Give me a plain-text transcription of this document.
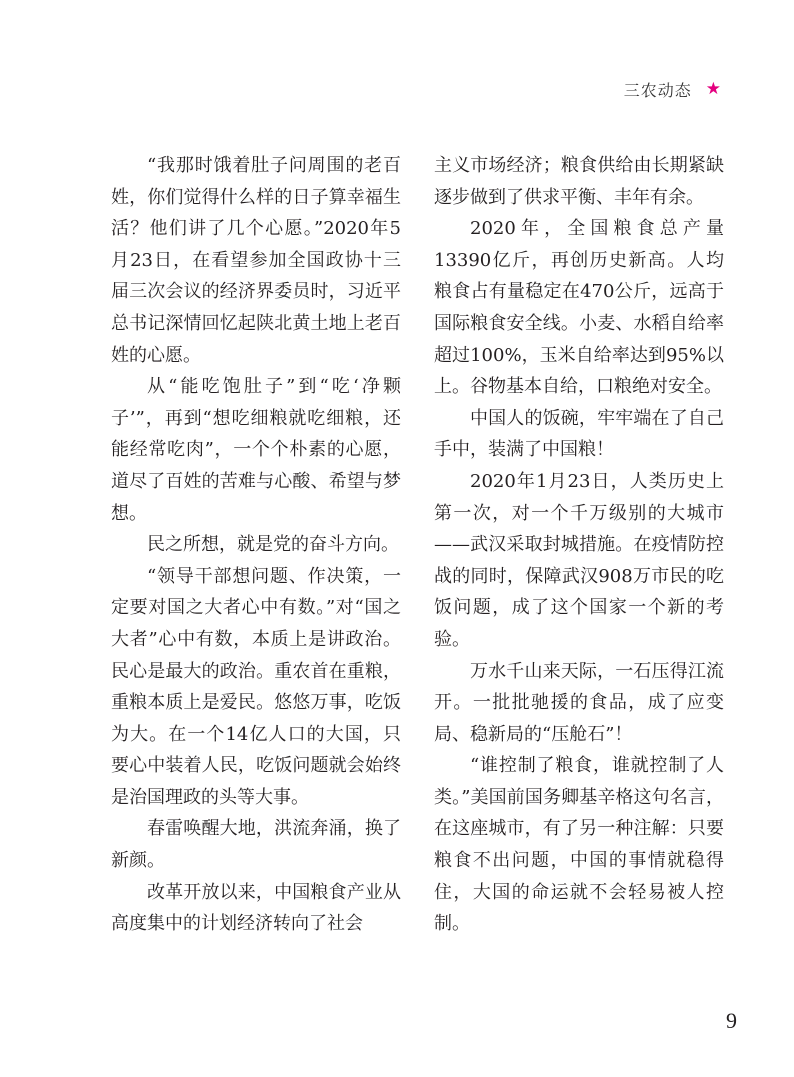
三农动态 ★

“我那时饿着肚子问周围的老百姓，你们觉得什么样的日子算幸福生活？他们讲了几个心愿。”2020年5月23日，在看望参加全国政协十三届三次会议的经济界委员时，习近平总书记深情回忆起陕北黄土地上老百姓的心愿。

从“能吃饱肚子”到“吃‘净颗子’”，再到“想吃细粮就吃细粮，还能经常吃肉”，一个个朴素的心愿，道尽了百姓的苦难与心酸、希望与梦想。

民之所想，就是党的奋斗方向。

“领导干部想问题、作决策，一定要对国之大者心中有数。”对“国之大者”心中有数，本质上是讲政治。民心是最大的政治。重农首在重粮，重粮本质上是爱民。悠悠万事，吃饭为大。在一个14亿人口的大国，只要心中装着人民，吃饭问题就会始终是治国理政的头等大事。

春雷唤醒大地，洪流奔涌，换了新颜。

改革开放以来，中国粮食产业从高度集中的计划经济转向了社会

主义市场经济；粮食供给由长期紧缺逐步做到了供求平衡、丰年有余。

2020年，全国粮食总产量13390亿斤，再创历史新高。人均粮食占有量稳定在470公斤，远高于国际粮食安全线。小麦、水稻自给率超过100%，玉米自给率达到95%以上。谷物基本自给，口粮绝对安全。

中国人的饭碗，牢牢端在了自己手中，装满了中国粮！

2020年1月23日，人类历史上第一次，对一个千万级别的大城市——武汉采取封城措施。在疫情防控战的同时，保障武汉908万市民的吃饭问题，成了这个国家一个新的考验。

万水千山来天际，一石压得江流开。一批批驰援的食品，成了应变局、稳新局的“压舱石”！

“谁控制了粮食，谁就控制了人类。”美国前国务卿基辛格这句名言，在这座城市，有了另一种注解：只要粮食不出问题，中国的事情就稳得住，大国的命运就不会轻易被人控制。

9
